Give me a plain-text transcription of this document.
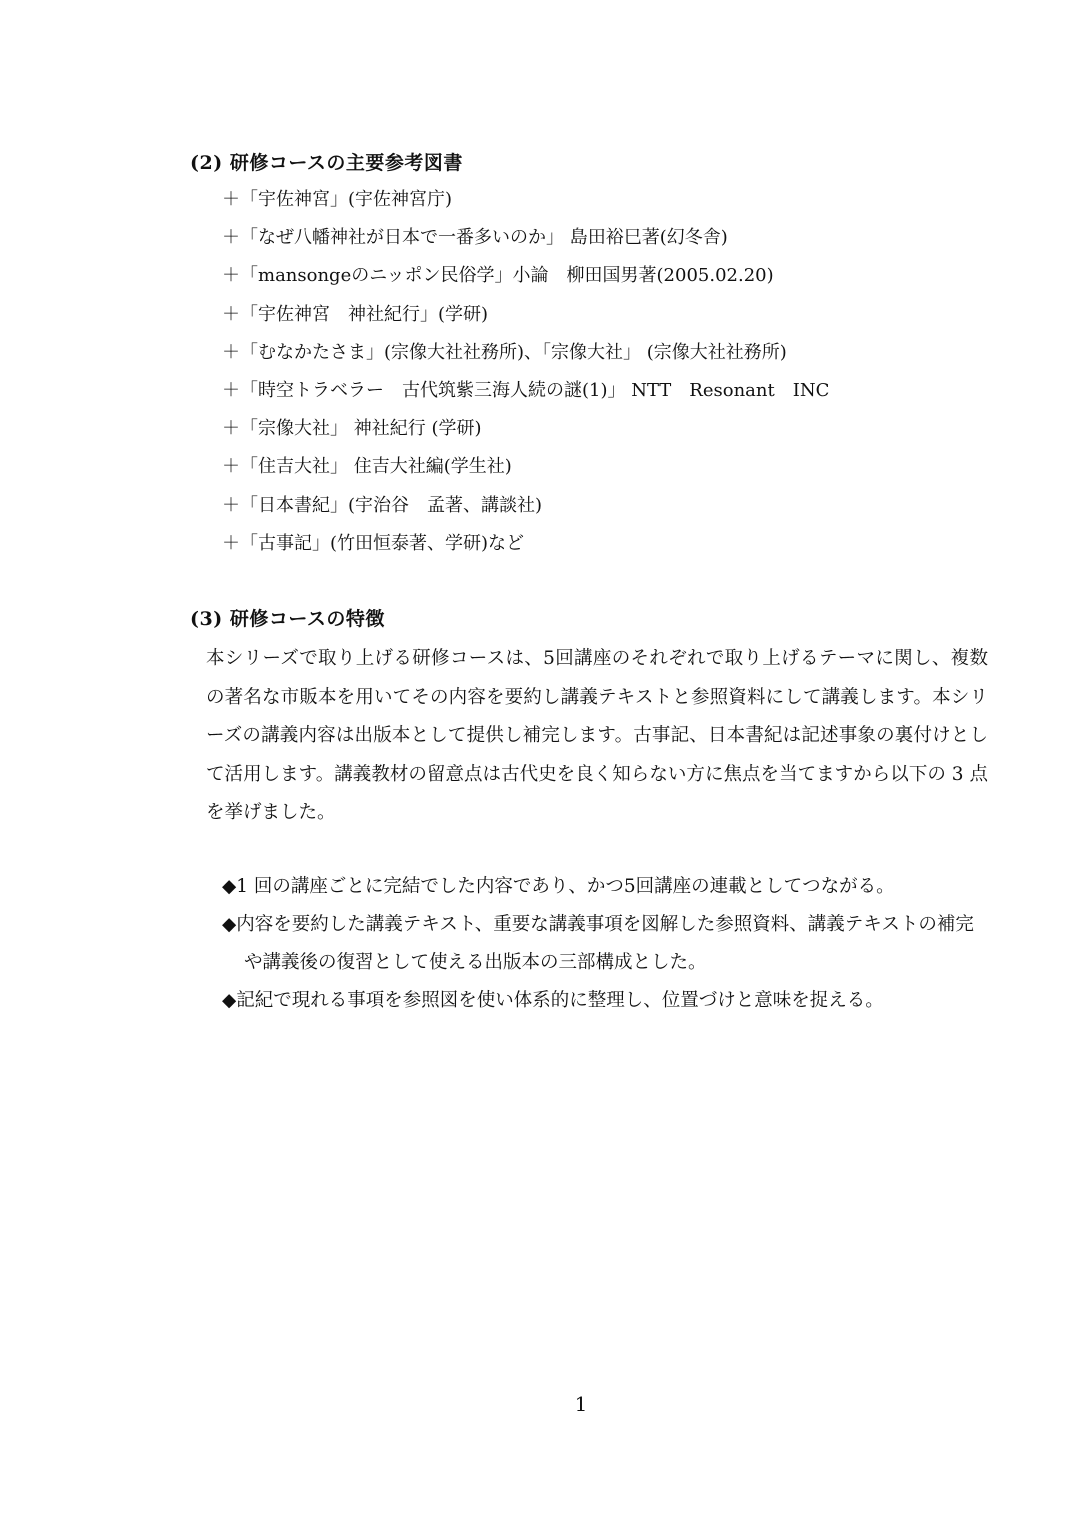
(2) 研修コースの主要参考図書
＋「宇佐神宮」(宇佐神宮庁)
＋「なぜ八幡神社が日本で一番多いのか」 島田裕巳著(幻冬舎)
＋「mansongeのニッポン民俗学」小論　柳田国男著(2005.02.20)
＋「宇佐神宮　神社紀行」(学研)
＋「むなかたさま」(宗像大社社務所)、「宗像大社」 (宗像大社社務所)
＋「時空トラベラー　古代筑紫三海人続の謎(1)」 NTT　Resonant　INC
＋「宗像大社」 神社紀行 (学研)
＋「住吉大社」 住吉大社編(学生社)
＋「日本書紀」(宇治谷　孟著、講談社)
＋「古事記」(竹田恒泰著、学研)など
(3) 研修コースの特徴

本シリーズで取り上げる研修コースは、5回講座のそれぞれで取り上げるテーマに関し、複数の著名な市販本を用いてその内容を要約し講義テキストと参照資料にして講義します。本シリーズの講義内容は出版本として提供し補完します。古事記、日本書紀は記述事象の裏付けとして活用します。講義教材の留意点は古代史を良く知らない方に焦点を当てますから以下の 3 点を挙げました。

◆1 回の講座ごとに完結でした内容であり、かつ5回講座の連載としてつながる。
◆内容を要約した講義テキスト、重要な講義事項を図解した参照資料、講義テキストの補完や講義後の復習として使える出版本の三部構成とした。
◆記紀で現れる事項を参照図を使い体系的に整理し、位置づけと意味を捉える。
1
